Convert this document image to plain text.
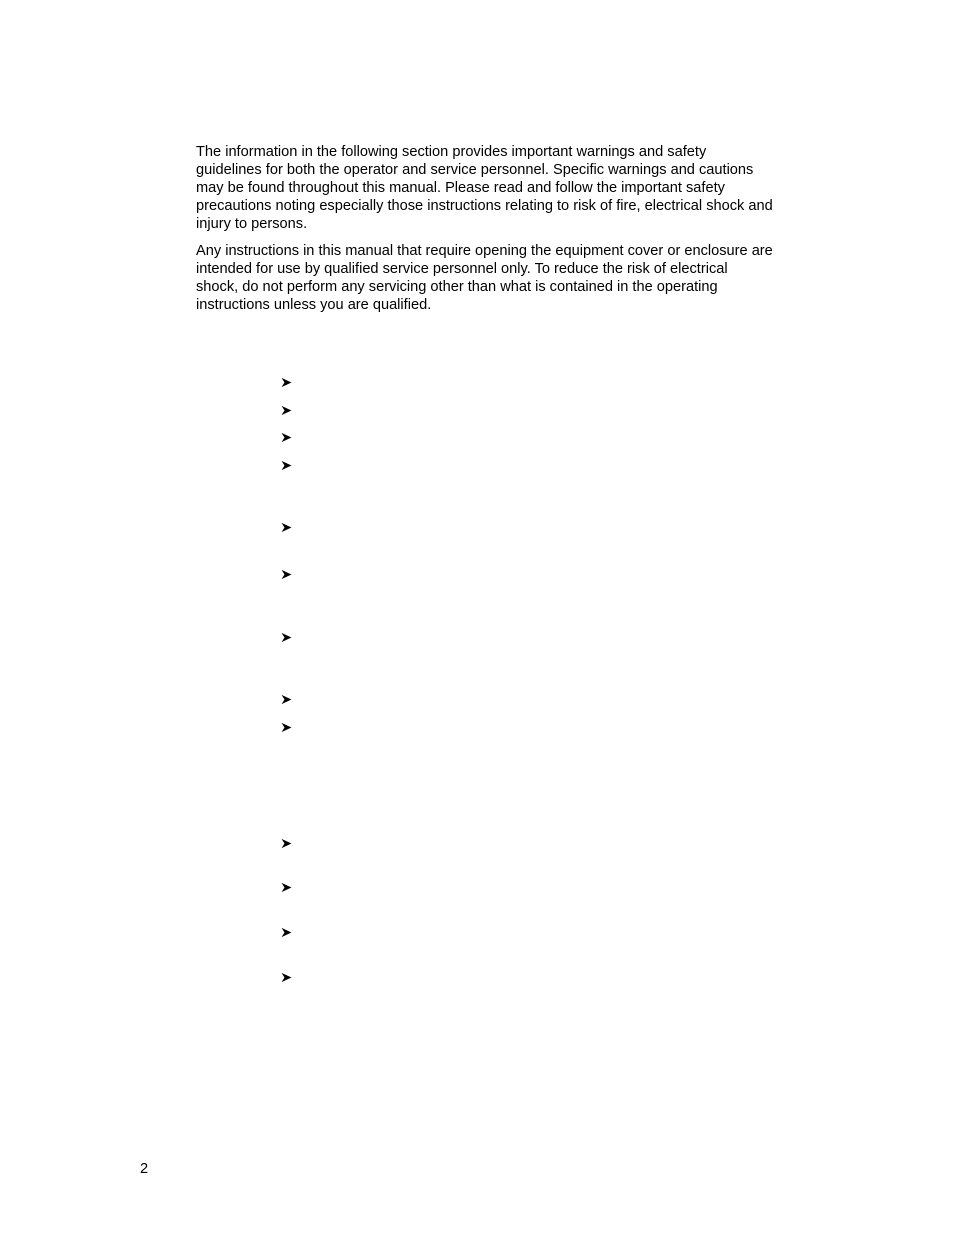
The information in the following section provides important warnings and safety
guidelines for both the operator and service personnel. Specific warnings and cautions
may be found throughout this manual. Please read and follow the important safety
precautions noting especially those instructions relating to risk of fire, electrical shock and
injury to persons.

Any instructions in this manual that require opening the equipment cover or enclosure are
intended for use by qualified service personnel only. To reduce the risk of electrical
shock, do not perform any servicing other than what is contained in the operating
instructions unless you are qualified.

2
